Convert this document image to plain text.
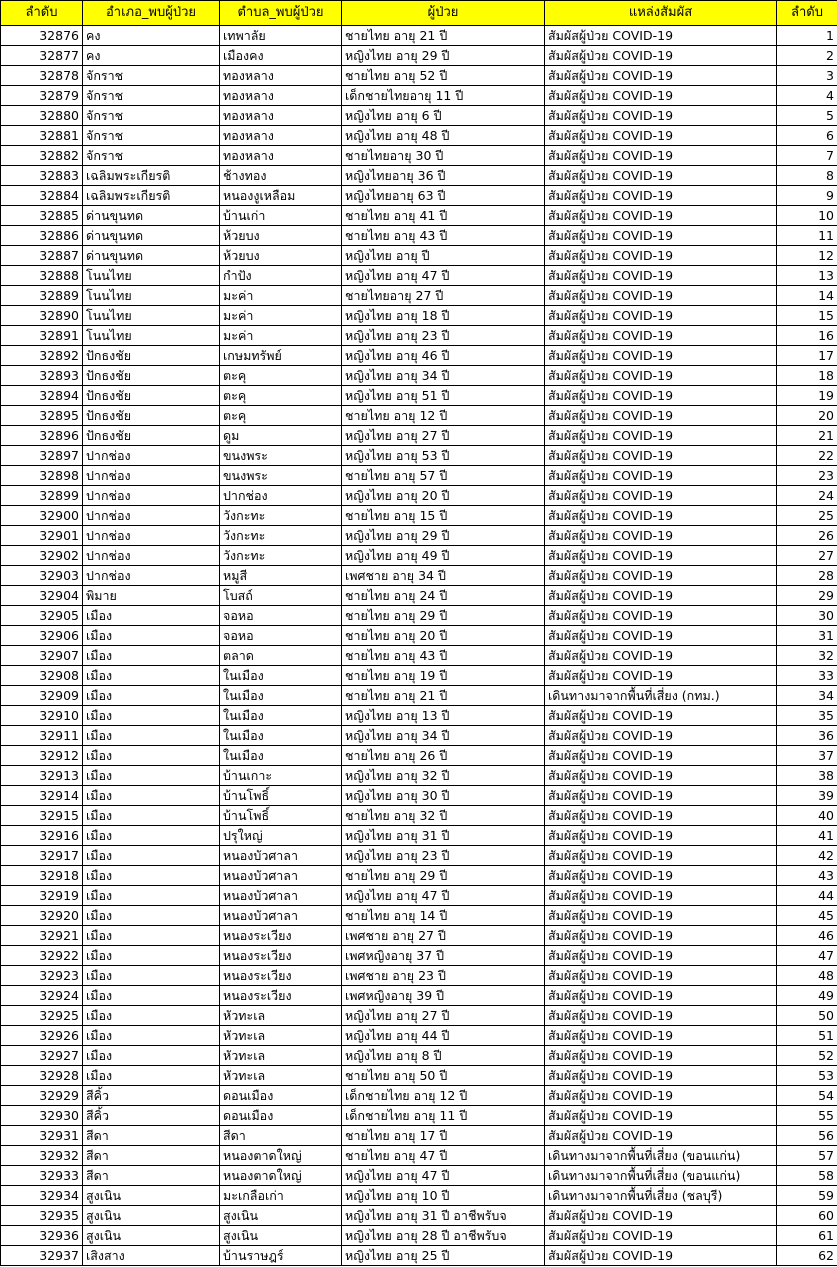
ลำดับ	อำเภอ_พบผู้ป่วย	ตำบล_พบผู้ป่วย	ผู้ป่วย	แหล่งสัมผัส	ลำดับ
32876	คง	เทพาลัย	ชายไทย อายุ 21 ปี	สัมผัสผู้ป่วย COVID-19	1
32877	คง	เมืองคง	หญิงไทย อายุ 29 ปี	สัมผัสผู้ป่วย COVID-19	2
32878	จักราช	ทองหลาง	ชายไทย อายุ 52 ปี	สัมผัสผู้ป่วย COVID-19	3
32879	จักราช	ทองหลาง	เด็กชายไทยอายุ 11 ปี	สัมผัสผู้ป่วย COVID-19	4
32880	จักราช	ทองหลาง	หญิงไทย อายุ 6 ปี	สัมผัสผู้ป่วย COVID-19	5
32881	จักราช	ทองหลาง	หญิงไทย อายุ 48 ปี	สัมผัสผู้ป่วย COVID-19	6
32882	จักราช	ทองหลาง	ชายไทยอายุ 30 ปี	สัมผัสผู้ป่วย COVID-19	7
32883	เฉลิมพระเกียรติ	ช้างทอง	หญิงไทยอายุ 36 ปี	สัมผัสผู้ป่วย COVID-19	8
32884	เฉลิมพระเกียรติ	หนองงูเหลือม	หญิงไทยอายุ 63 ปี	สัมผัสผู้ป่วย COVID-19	9
32885	ด่านขุนทด	บ้านเก่า	ชายไทย อายุ 41 ปี	สัมผัสผู้ป่วย COVID-19	10
32886	ด่านขุนทด	ห้วยบง	ชายไทย อายุ 43 ปี	สัมผัสผู้ป่วย COVID-19	11
32887	ด่านขุนทด	ห้วยบง	หญิงไทย อายุ ปี	สัมผัสผู้ป่วย COVID-19	12
32888	โนนไทย	กำปัง	หญิงไทย อายุ 47 ปี	สัมผัสผู้ป่วย COVID-19	13
32889	โนนไทย	มะค่า	ชายไทยอายุ 27 ปี	สัมผัสผู้ป่วย COVID-19	14
32890	โนนไทย	มะค่า	หญิงไทย อายุ 18 ปี	สัมผัสผู้ป่วย COVID-19	15
32891	โนนไทย	มะค่า	หญิงไทย อายุ 23 ปี	สัมผัสผู้ป่วย COVID-19	16
32892	ปักธงชัย	เกษมทรัพย์	หญิงไทย อายุ 46 ปี	สัมผัสผู้ป่วย COVID-19	17
32893	ปักธงชัย	ตะคุ	หญิงไทย อายุ 34 ปี	สัมผัสผู้ป่วย COVID-19	18
32894	ปักธงชัย	ตะคุ	หญิงไทย อายุ 51 ปี	สัมผัสผู้ป่วย COVID-19	19
32895	ปักธงชัย	ตะคุ	ชายไทย อายุ 12 ปี	สัมผัสผู้ป่วย COVID-19	20
32896	ปักธงชัย	ดูม	หญิงไทย อายุ 27 ปี	สัมผัสผู้ป่วย COVID-19	21
32897	ปากช่อง	ขนงพระ	หญิงไทย อายุ 53 ปี	สัมผัสผู้ป่วย COVID-19	22
32898	ปากช่อง	ขนงพระ	ชายไทย อายุ 57 ปี	สัมผัสผู้ป่วย COVID-19	23
32899	ปากช่อง	ปากช่อง	หญิงไทย อายุ 20 ปี	สัมผัสผู้ป่วย COVID-19	24
32900	ปากช่อง	วังกะทะ	ชายไทย อายุ 15 ปี	สัมผัสผู้ป่วย COVID-19	25
32901	ปากช่อง	วังกะทะ	หญิงไทย อายุ 29 ปี	สัมผัสผู้ป่วย COVID-19	26
32902	ปากช่อง	วังกะทะ	หญิงไทย อายุ 49 ปี	สัมผัสผู้ป่วย COVID-19	27
32903	ปากช่อง	หมูสี	เพศชาย อายุ 34 ปี	สัมผัสผู้ป่วย COVID-19	28
32904	พิมาย	โบสถ์	ชายไทย อายุ 24 ปี	สัมผัสผู้ป่วย COVID-19	29
32905	เมือง	จอหอ	ชายไทย อายุ 29 ปี	สัมผัสผู้ป่วย COVID-19	30
32906	เมือง	จอหอ	ชายไทย อายุ 20 ปี	สัมผัสผู้ป่วย COVID-19	31
32907	เมือง	ตลาด	ชายไทย อายุ 43 ปี	สัมผัสผู้ป่วย COVID-19	32
32908	เมือง	ในเมือง	ชายไทย อายุ 19 ปี	สัมผัสผู้ป่วย COVID-19	33
32909	เมือง	ในเมือง	ชายไทย อายุ 21 ปี	เดินทางมาจากพื้นที่เสี่ยง (กทม.)	34
32910	เมือง	ในเมือง	หญิงไทย อายุ 13 ปี	สัมผัสผู้ป่วย COVID-19	35
32911	เมือง	ในเมือง	หญิงไทย อายุ 34 ปี	สัมผัสผู้ป่วย COVID-19	36
32912	เมือง	ในเมือง	ชายไทย อายุ 26 ปี	สัมผัสผู้ป่วย COVID-19	37
32913	เมือง	บ้านเกาะ	หญิงไทย อายุ 32 ปี	สัมผัสผู้ป่วย COVID-19	38
32914	เมือง	บ้านโพธิ์	หญิงไทย อายุ 30 ปี	สัมผัสผู้ป่วย COVID-19	39
32915	เมือง	บ้านโพธิ์	ชายไทย อายุ 32 ปี	สัมผัสผู้ป่วย COVID-19	40
32916	เมือง	ปรุใหญ่	หญิงไทย อายุ 31 ปี	สัมผัสผู้ป่วย COVID-19	41
32917	เมือง	หนองบัวศาลา	หญิงไทย อายุ 23 ปี	สัมผัสผู้ป่วย COVID-19	42
32918	เมือง	หนองบัวศาลา	ชายไทย อายุ 29 ปี	สัมผัสผู้ป่วย COVID-19	43
32919	เมือง	หนองบัวศาลา	หญิงไทย อายุ 47 ปี	สัมผัสผู้ป่วย COVID-19	44
32920	เมือง	หนองบัวศาลา	ชายไทย อายุ 14 ปี	สัมผัสผู้ป่วย COVID-19	45
32921	เมือง	หนองระเวียง	เพศชาย อายุ 27 ปี	สัมผัสผู้ป่วย COVID-19	46
32922	เมือง	หนองระเวียง	เพศหญิงอายุ 37 ปี	สัมผัสผู้ป่วย COVID-19	47
32923	เมือง	หนองระเวียง	เพศชาย อายุ 23 ปี	สัมผัสผู้ป่วย COVID-19	48
32924	เมือง	หนองระเวียง	เพศหญิงอายุ 39 ปี	สัมผัสผู้ป่วย COVID-19	49
32925	เมือง	หัวทะเล	หญิงไทย อายุ 27 ปี	สัมผัสผู้ป่วย COVID-19	50
32926	เมือง	หัวทะเล	หญิงไทย อายุ 44 ปี	สัมผัสผู้ป่วย COVID-19	51
32927	เมือง	หัวทะเล	หญิงไทย อายุ 8 ปี	สัมผัสผู้ป่วย COVID-19	52
32928	เมือง	หัวทะเล	ชายไทย อายุ 50 ปี	สัมผัสผู้ป่วย COVID-19	53
32929	สีคิ้ว	ดอนเมือง	เด็กชายไทย อายุ 12 ปี	สัมผัสผู้ป่วย COVID-19	54
32930	สีคิ้ว	ดอนเมือง	เด็กชายไทย อายุ 11 ปี	สัมผัสผู้ป่วย COVID-19	55
32931	สีดา	สีดา	ชายไทย อายุ 17 ปี	สัมผัสผู้ป่วย COVID-19	56
32932	สีดา	หนองตาดใหญ่	ชายไทย อายุ 47 ปี	เดินทางมาจากพื้นที่เสี่ยง (ขอนแก่น)	57
32933	สีดา	หนองตาดใหญ่	หญิงไทย อายุ 47 ปี	เดินทางมาจากพื้นที่เสี่ยง (ขอนแก่น)	58
32934	สูงเนิน	มะเกลือเก่า	หญิงไทย อายุ 10 ปี	เดินทางมาจากพื้นที่เสี่ยง (ชลบุรี)	59
32935	สูงเนิน	สูงเนิน	หญิงไทย อายุ 31 ปี อาชีพรับจ	สัมผัสผู้ป่วย COVID-19	60
32936	สูงเนิน	สูงเนิน	หญิงไทย อายุ 28 ปี อาชีพรับจ	สัมผัสผู้ป่วย COVID-19	61
32937	เสิงสาง	บ้านราษฎร์	หญิงไทย อายุ 25 ปี	สัมผัสผู้ป่วย COVID-19	62
